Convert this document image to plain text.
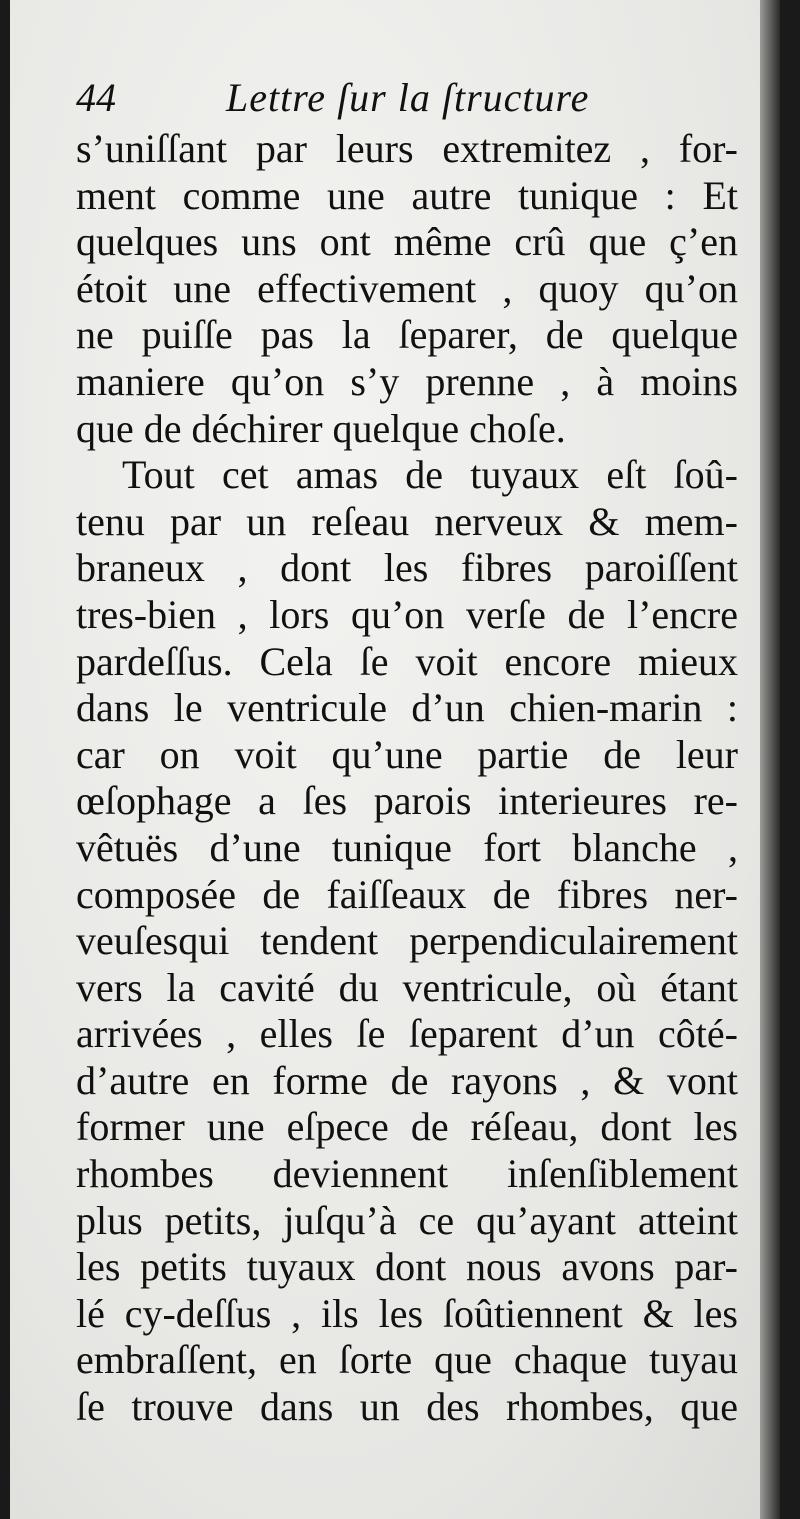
44	Lettre ſur la ſtructure
s’uniſſant par leurs extremitez , for-
ment comme une autre tunique : Et
quelques uns ont même crû que ç’en
étoit une effectivement , quoy qu’on
ne puiſſe pas la ſeparer, de quelque
maniere qu’on s’y prenne , à moins
que de déchirer quelque choſe.
Tout cet amas de tuyaux eſt ſoû-
tenu par un reſeau nerveux & mem-
braneux , dont les fibres paroiſſent
tres-bien , lors qu’on verſe de l’encre
pardeſſus. Cela ſe voit encore mieux
dans le ventricule d’un chien-marin :
car on voit qu’une partie de leur
œſophage a ſes parois interieures re-
vêtuës d’une tunique fort blanche ,
composée de faiſſeaux de fibres ner-
veuſesqui tendent perpendiculairement
vers la cavité du ventricule, où étant
arrivées , elles ſe ſeparent d’un côté-
d’autre en forme de rayons , & vont
former une eſpece de réſeau, dont les
rhombes deviennent inſenſiblement
plus petits, juſqu’à ce qu’ayant atteint
les petits tuyaux dont nous avons par-
lé cy-deſſus , ils les ſoûtiennent & les
embraſſent, en ſorte que chaque tuyau
ſe trouve dans un des rhombes, que
